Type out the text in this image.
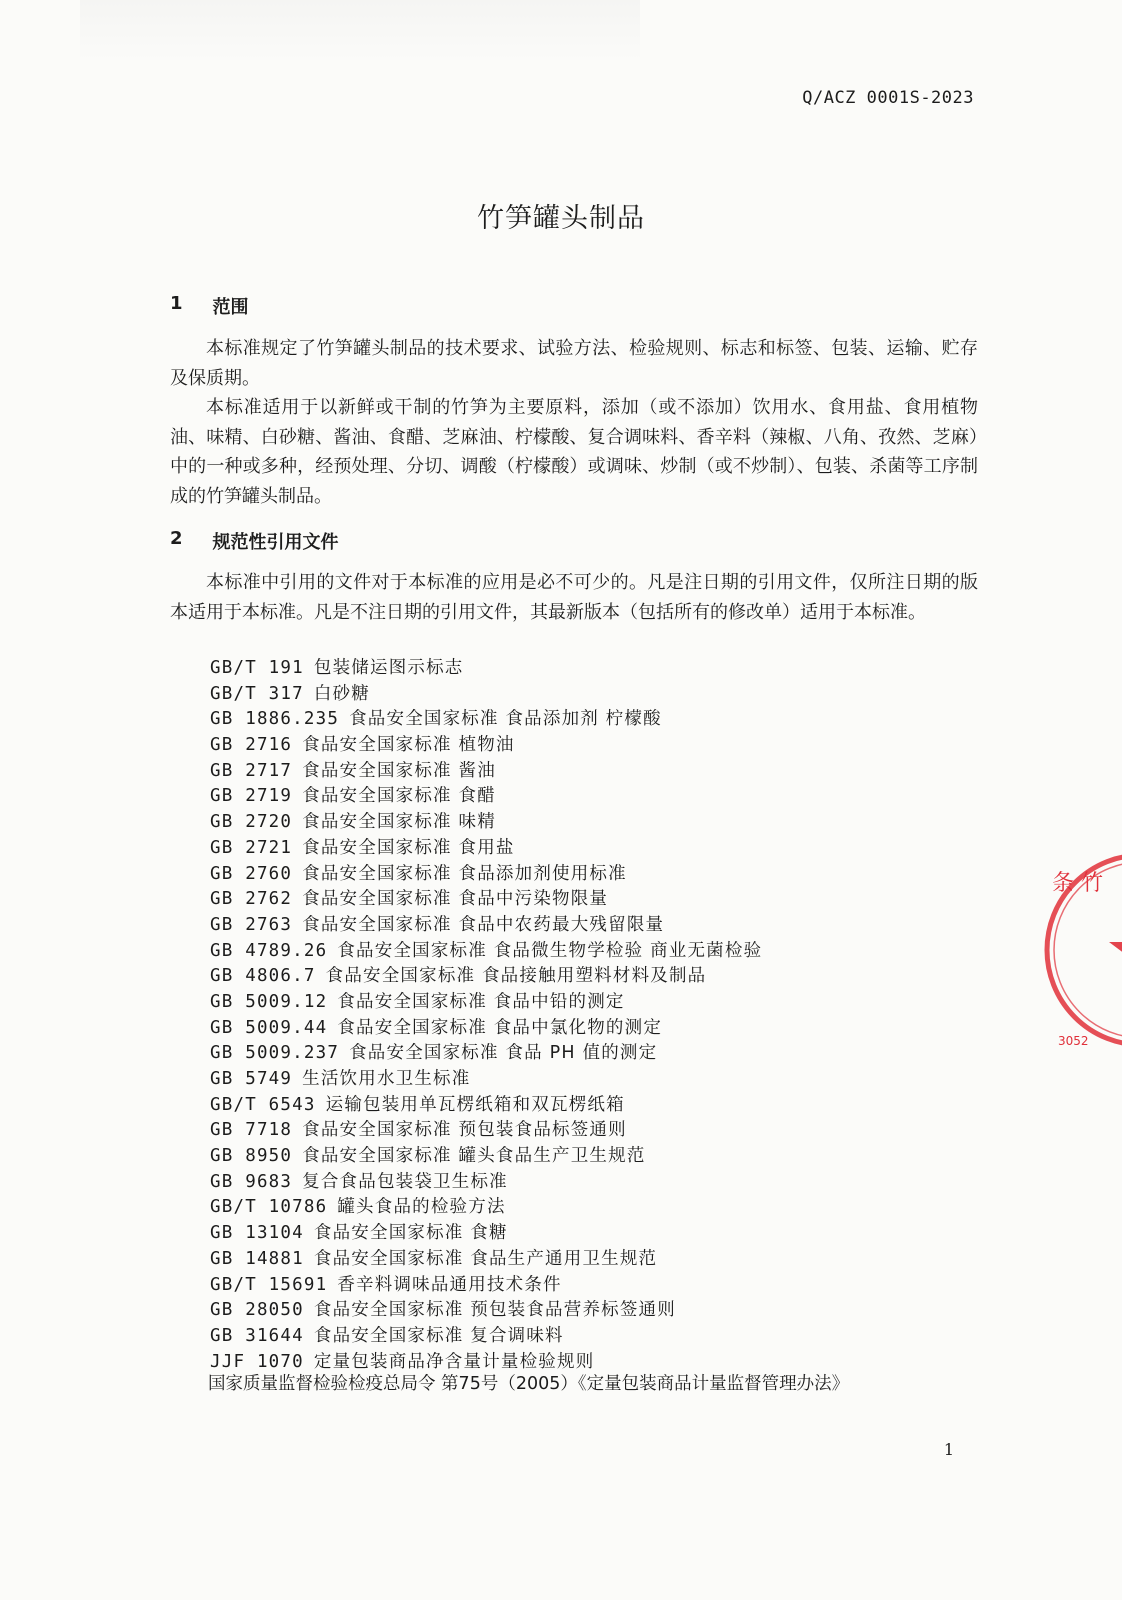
Q/ACZ 0001S-2023
竹笋罐头制品
1 范围

本标准规定了竹笋罐头制品的技术要求、试验方法、检验规则、标志和标签、包装、运输、贮存及保质期。

本标准适用于以新鲜或干制的竹笋为主要原料，添加（或不添加）饮用水、食用盐、食用植物油、味精、白砂糖、酱油、食醋、芝麻油、柠檬酸、复合调味料、香辛料（辣椒、八角、孜然、芝麻）中的一种或多种，经预处理、分切、调酸（柠檬酸）或调味、炒制（或不炒制）、包装、杀菌等工序制成的竹笋罐头制品。

2 规范性引用文件

本标准中引用的文件对于本标准的应用是必不可少的。凡是注日期的引用文件，仅所注日期的版本适用于本标准。凡是不注日期的引用文件，其最新版本（包括所有的修改单）适用于本标准。

GB/T 191 包装储运图示标志
GB/T 317 白砂糖
GB 1886.235 食品安全国家标准 食品添加剂 柠檬酸
GB 2716 食品安全国家标准 植物油
GB 2717 食品安全国家标准 酱油
GB 2719 食品安全国家标准 食醋
GB 2720 食品安全国家标准 味精
GB 2721 食品安全国家标准 食用盐
GB 2760 食品安全国家标准 食品添加剂使用标准
GB 2762 食品安全国家标准 食品中污染物限量
GB 2763 食品安全国家标准 食品中农药最大残留限量
GB 4789.26 食品安全国家标准 食品微生物学检验 商业无菌检验
GB 4806.7 食品安全国家标准 食品接触用塑料材料及制品
GB 5009.12 食品安全国家标准 食品中铅的测定
GB 5009.44 食品安全国家标准 食品中氯化物的测定
GB 5009.237 食品安全国家标准 食品 PH 值的测定
GB 5749 生活饮用水卫生标准
GB/T 6543 运输包装用单瓦楞纸箱和双瓦楞纸箱
GB 7718 食品安全国家标准 预包装食品标签通则
GB 8950 食品安全国家标准 罐头食品生产卫生规范
GB 9683 复合食品包装袋卫生标准
GB/T 10786 罐头食品的检验方法
GB 13104 食品安全国家标准 食糖
GB 14881 食品安全国家标准 食品生产通用卫生规范
GB/T 15691 香辛料调味品通用技术条件
GB 28050 食品安全国家标准 预包装食品营养标签通则
GB 31644 食品安全国家标准 复合调味料
JJF 1070 定量包装商品净含量计量检验规则
国家质量监督检验检疫总局令 第75号（2005）《定量包装商品计量监督管理办法》
1
条 竹
3052
